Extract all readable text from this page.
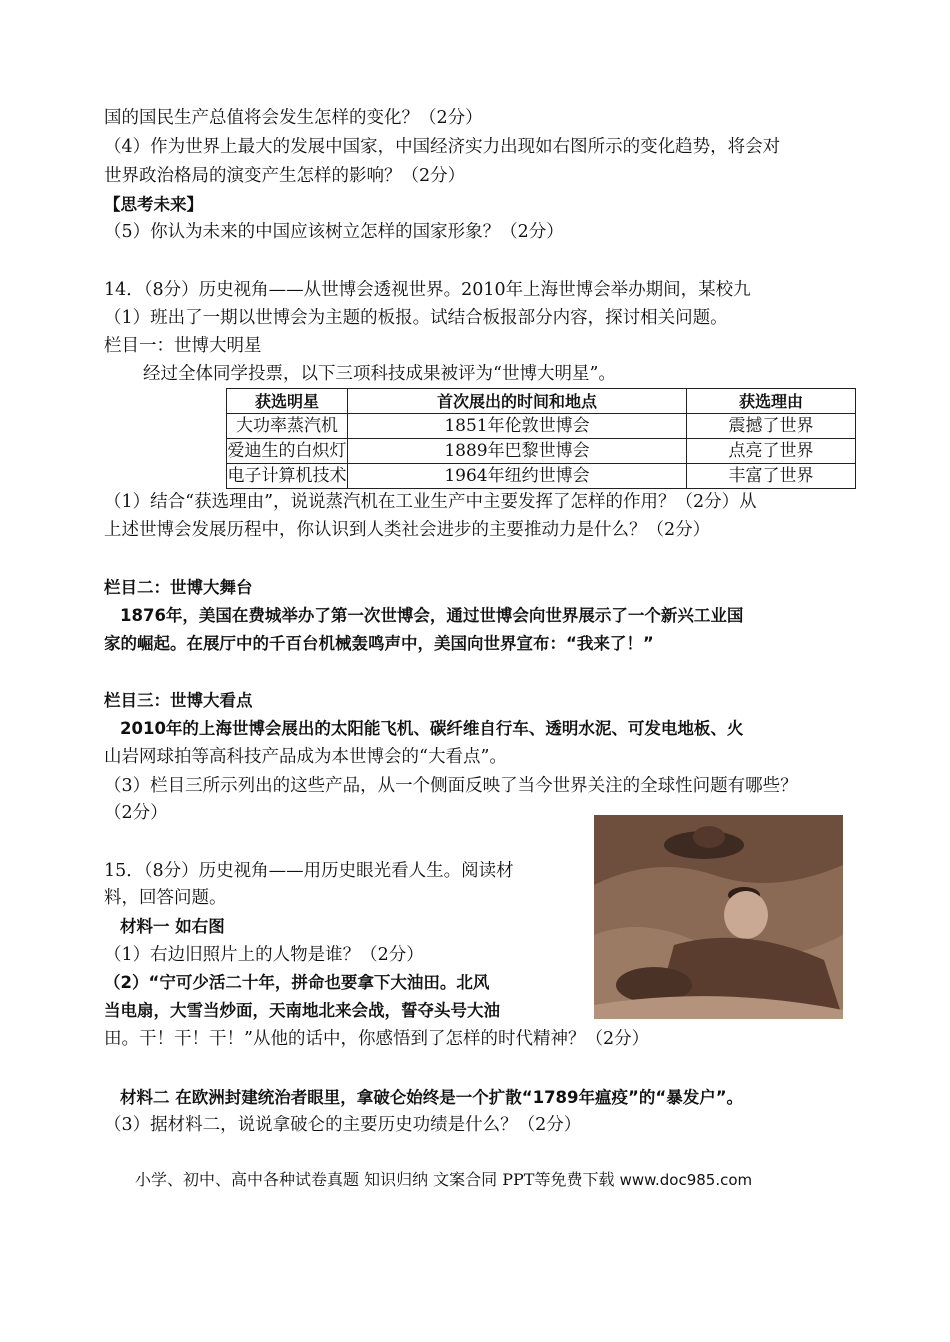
国的国民生产总值将会发生怎样的变化？（2分）
（4）作为世界上最大的发展中国家，中国经济实力出现如右图所示的变化趋势，将会对
世界政治格局的演变产生怎样的影响？（2分）
【思考未来】
（5）你认为未来的中国应该树立怎样的国家形象？（2分）
14．（8分）历史视角——从世博会透视世界。2010年上海世博会举办期间，某校九
（1）班出了一期以世博会为主题的板报。试结合板报部分内容，探讨相关问题。
栏目一：世博大明星
经过全体同学投票，以下三项科技成果被评为“世博大明星”。
获选明星	首次展出的时间和地点	获选理由
大功率蒸汽机	1851年伦敦世博会	震撼了世界
爱迪生的白炽灯	1889年巴黎世博会	点亮了世界
电子计算机技术	1964年纽约世博会	丰富了世界
（1）结合“获选理由”，说说蒸汽机在工业生产中主要发挥了怎样的作用？（2分）从
上述世博会发展历程中，你认识到人类社会进步的主要推动力是什么？（2分）
栏目二：世博大舞台
1876年，美国在费城举办了第一次世博会，通过世博会向世界展示了一个新兴工业国
家的崛起。在展厅中的千百台机械轰鸣声中，美国向世界宣布：“我来了！”
栏目三：世博大看点
2010年的上海世博会展出的太阳能飞机、碳纤维自行车、透明水泥、可发电地板、火
山岩网球拍等高科技产品成为本世博会的“大看点”。
（3）栏目三所示列出的这些产品，从一个侧面反映了当今世界关注的全球性问题有哪些？
（2分）
15．（8分）历史视角——用历史眼光看人生。阅读材
料，回答问题。
材料一 如右图
（1）右边旧照片上的人物是谁？（2分）
（2）“宁可少活二十年，拼命也要拿下大油田。北风
当电扇，大雪当炒面，天南地北来会战，誓夺头号大油
田。干！干！干！”从他的话中，你感悟到了怎样的时代精神？（2分）
材料二 在欧洲封建统治者眼里，拿破仑始终是一个扩散“1789年瘟疫”的“暴发户”。
（3）据材料二，说说拿破仑的主要历史功绩是什么？（2分）
小学、初中、高中各种试卷真题 知识归纳 文案合同 PPT等免费下载 www.doc985.com
